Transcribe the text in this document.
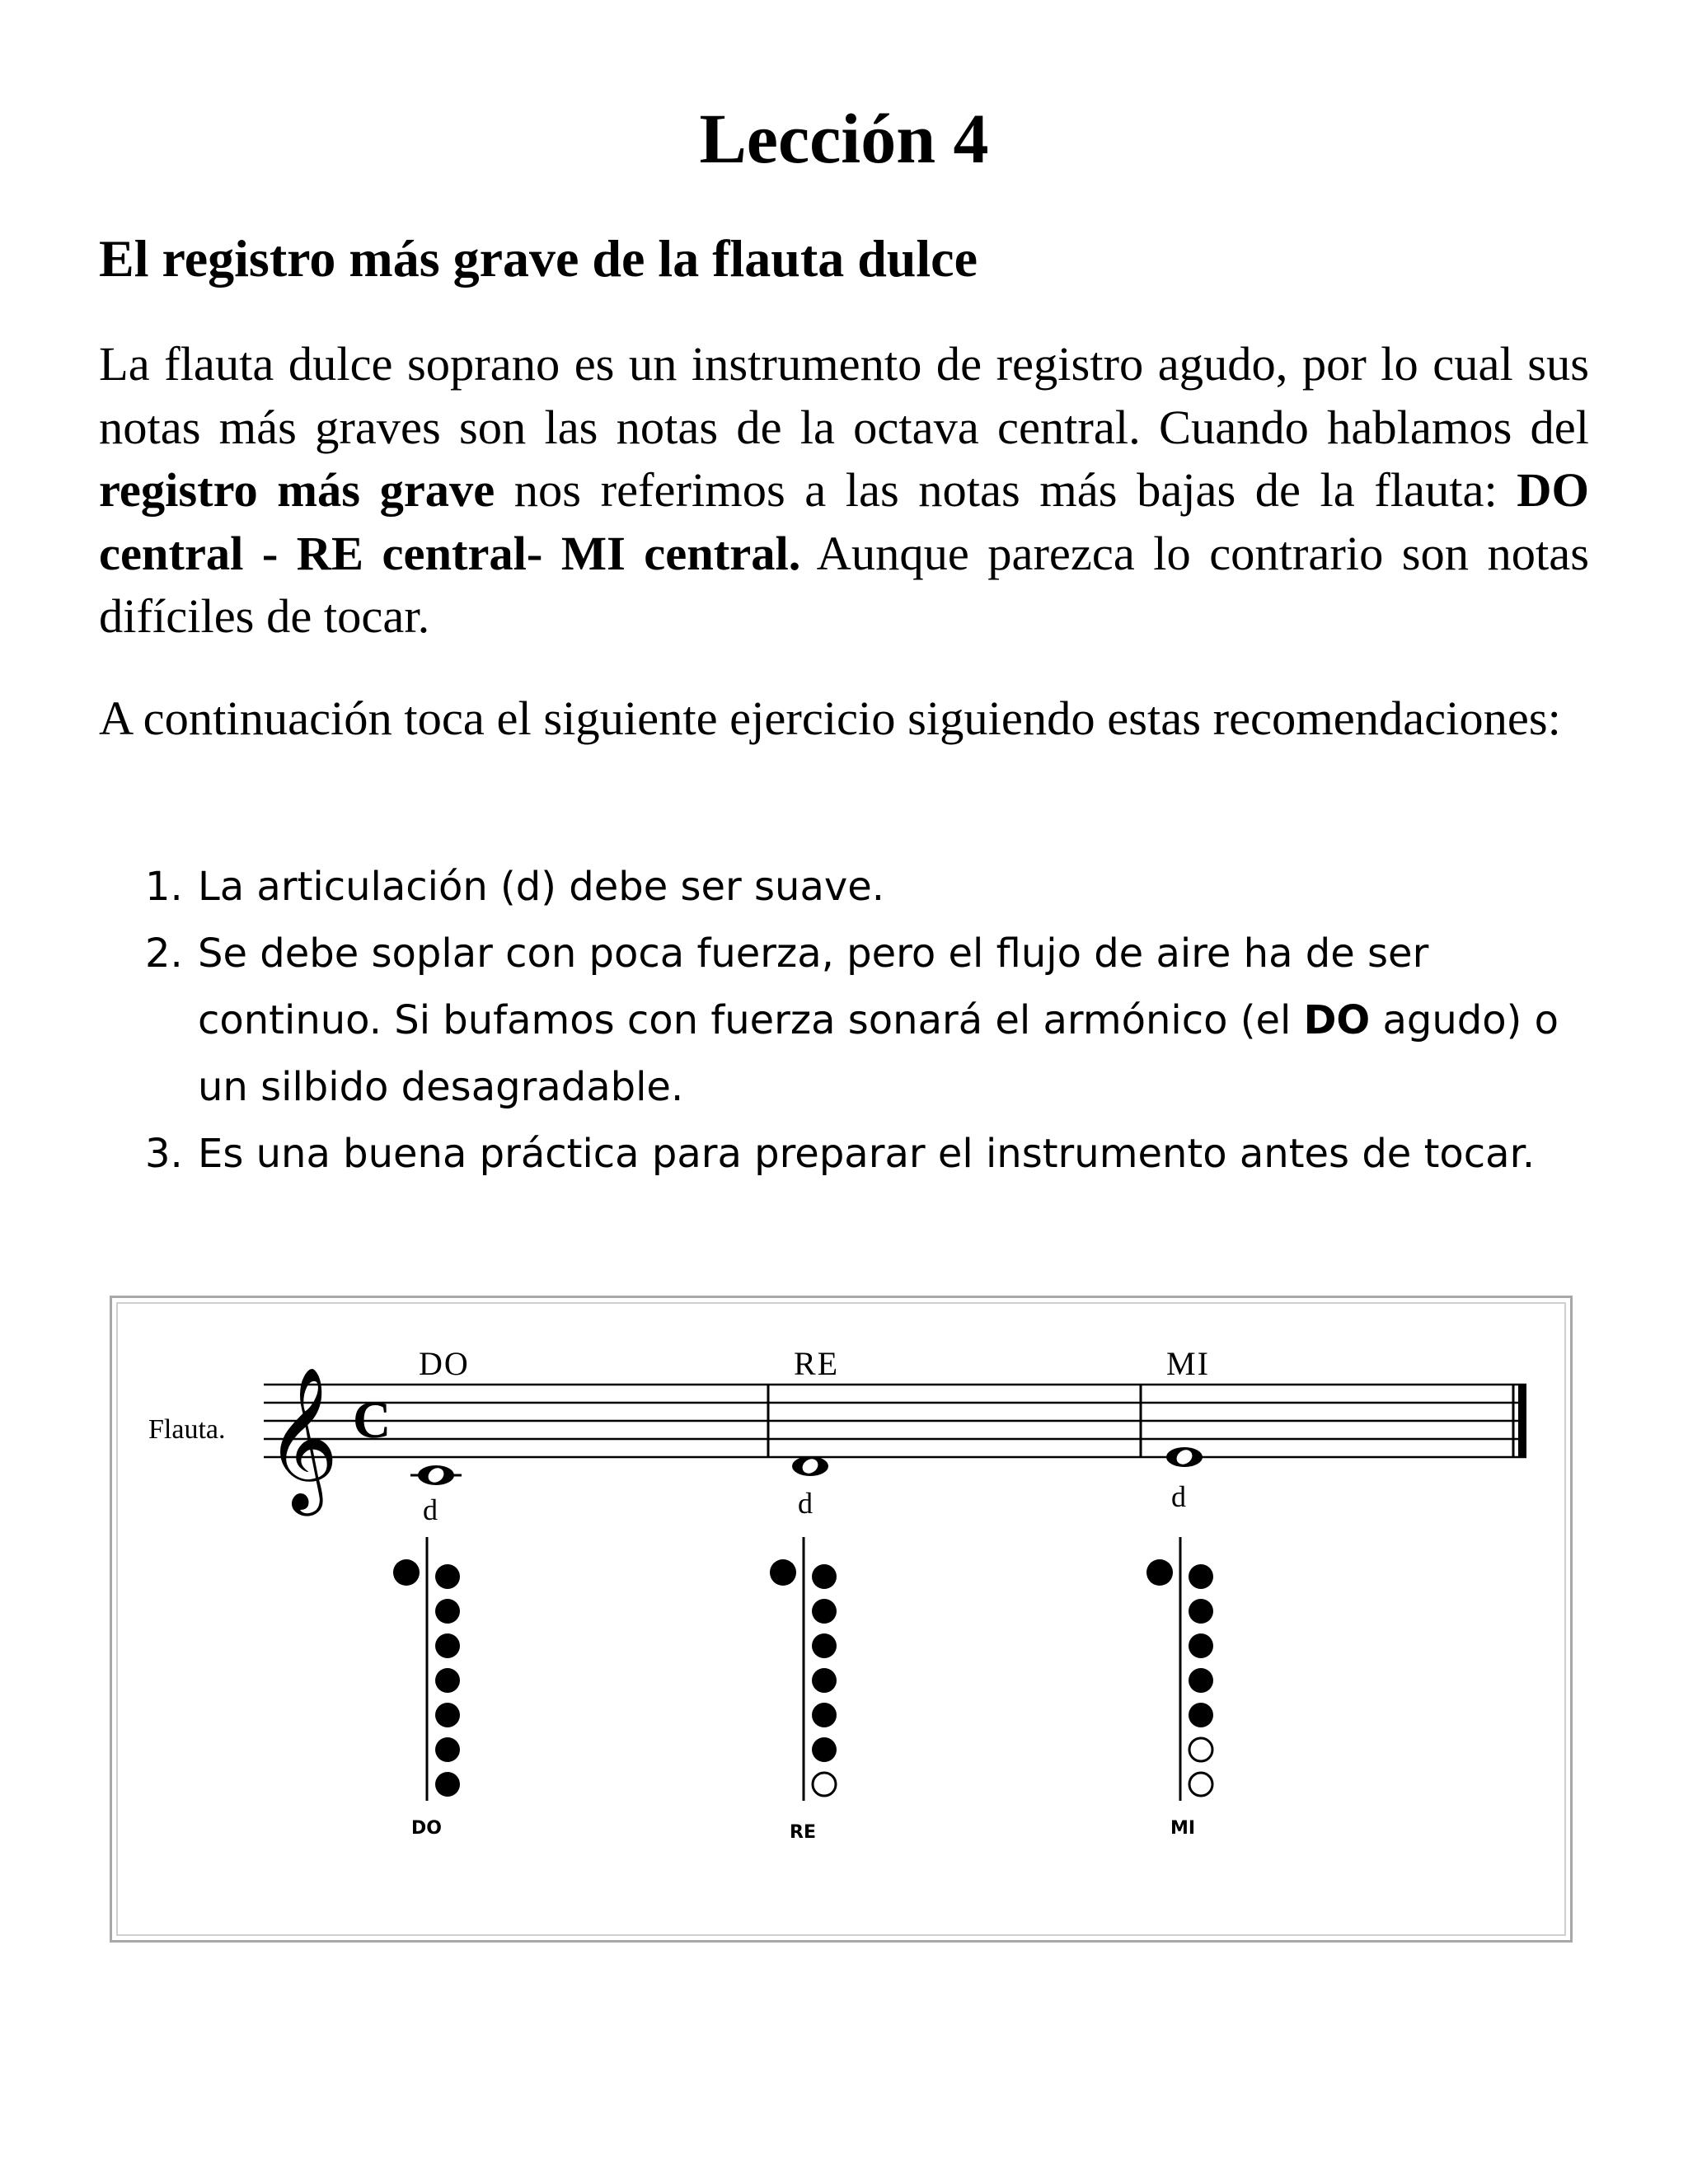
Lección 4
El registro más grave de la flauta dulce
La flauta dulce soprano es un instrumento de registro agudo, por lo cual sus notas más graves son las notas de la octava central. Cuando hablamos del registro más grave nos referimos a las notas más bajas de la flauta: DO central - RE central- MI central. Aunque parezca lo contrario son notas difíciles de tocar.
A continuación toca el siguiente ejercicio siguiendo estas recomendaciones:
1. La articulación (d) debe ser suave.
2. Se debe soplar con poca fuerza, pero el flujo de aire ha de ser continuo. Si bufamos con fuerza sonará el armónico (el DO agudo) o un silbido desagradable.
3. Es una buena práctica para preparar el instrumento antes de tocar.
Flauta. 𝄞 C
DO	RE	MI
d	d	d
DO	RE	MI
